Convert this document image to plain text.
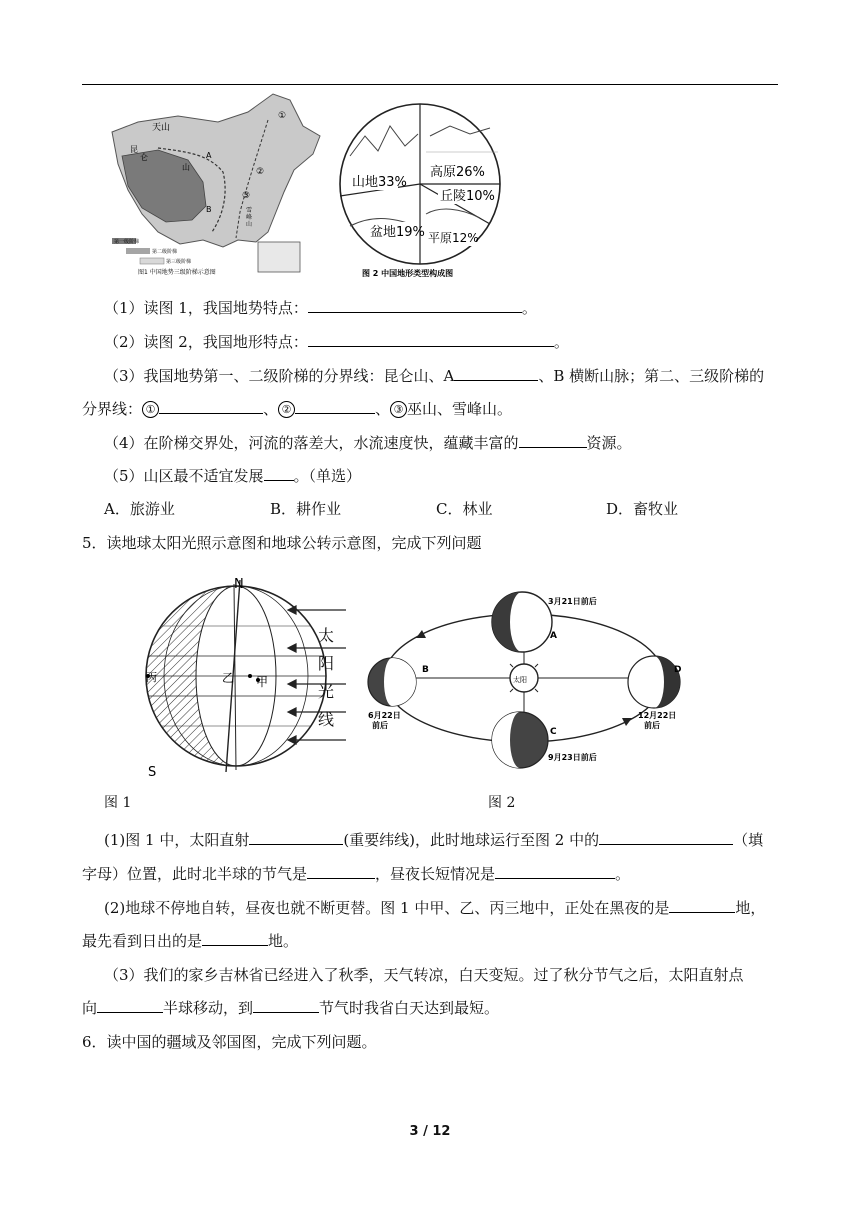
第一级阶梯
第二级阶梯
第三级阶梯
天山
昆
仑
山
A
B
①
②
③
雪
峰
山
图1 中国地势三级阶梯示意图
山地33%
高原26%
丘陵10%
平原12%
盆地19%
图 2 中国地形类型构成图
（1）读图 1，我国地势特点：	。
（2）读图 2，我国地形特点：	。
（3）我国地势第一、二级阶梯的分界线：昆仑山、A	、B 横断山脉；第二、三级阶梯的
分界线： ①	、 ②	、 ③ 巫山、雪峰山。
（4）在阶梯交界处，河流的落差大，水流速度快，蕴藏丰富的	资源。
（5）山区最不适宜发展 。（单选）
A．旅游业	B．耕作业	C．林业	D．畜牧业
5．读地球太阳光照示意图和地球公转示意图，完成下列问题
N
S
丙	乙 甲
太
阳
光
线
太阳
3月21日前后
6月22日
前后
9月23日前后
12月22日
前后
A
B
C
D
图 1	图 2
(1)图 1 中，太阳直射	(重要纬线)，此时地球运行至图 2 中的	（填
字母）位置，此时北半球的节气是	，昼夜长短情况是	。
(2)地球不停地自转，昼夜也就不断更替。图 1 中甲、乙、丙三地中，正处在黑夜的是	地，
最先看到日出的是	地。
（3）我们的家乡吉林省已经进入了秋季，天气转凉，白天变短。过了秋分节气之后，太阳直射点
向	半球移动，到	节气时我省白天达到最短。
6．读中国的疆域及邻国图，完成下列问题。
3 / 12
